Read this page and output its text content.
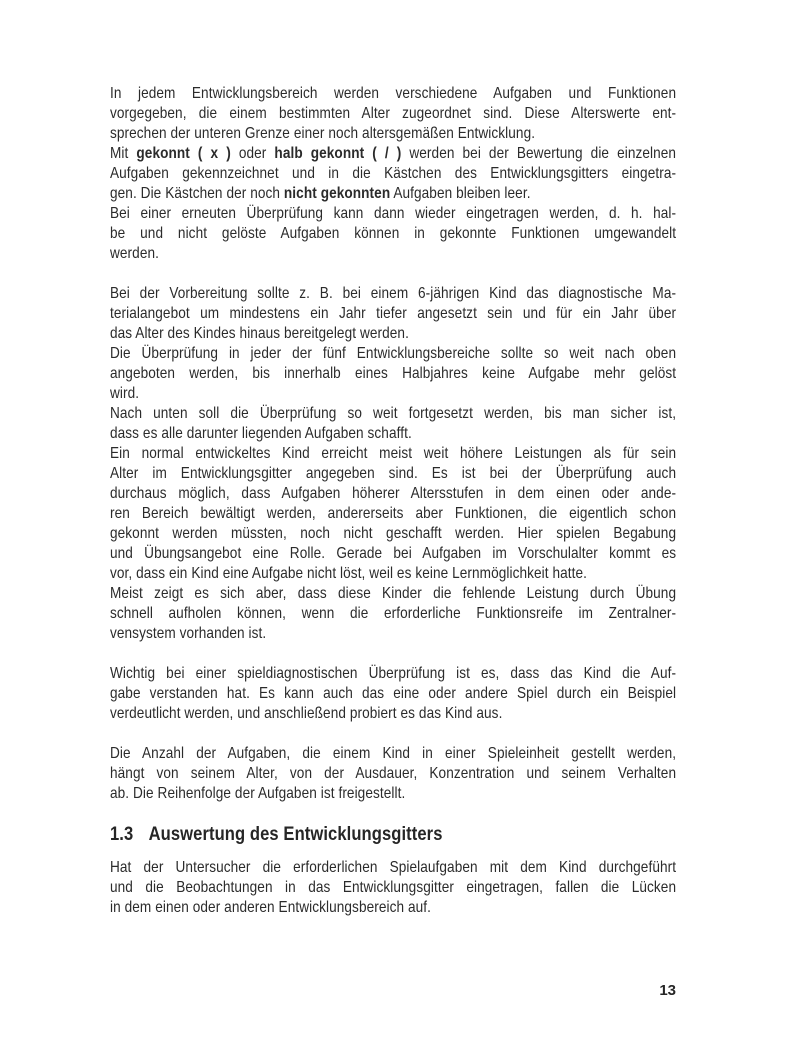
In jedem Entwicklungsbereich werden verschiedene Aufgaben und Funktionen
vorgegeben, die einem bestimmten Alter zugeordnet sind. Diese Alterswerte ent-
sprechen der unteren Grenze einer noch altersgemäßen Entwicklung.
Mit gekonnt ( x ) oder halb gekonnt ( / ) werden bei der Bewertung die einzelnen
Aufgaben gekennzeichnet und in die Kästchen des Entwicklungsgitters eingetra-
gen. Die Kästchen der noch nicht gekonnten Aufgaben bleiben leer.
Bei einer erneuten Überprüfung kann dann wieder eingetragen werden, d. h. hal-
be und nicht gelöste Aufgaben können in gekonnte Funktionen umgewandelt
werden.
Bei der Vorbereitung sollte z. B. bei einem 6-jährigen Kind das diagnostische Ma-
terialangebot um mindestens ein Jahr tiefer angesetzt sein und für ein Jahr über
das Alter des Kindes hinaus bereitgelegt werden.
Die Überprüfung in jeder der fünf Entwicklungsbereiche sollte so weit nach oben
angeboten werden, bis innerhalb eines Halbjahres keine Aufgabe mehr gelöst
wird.
Nach unten soll die Überprüfung so weit fortgesetzt werden, bis man sicher ist,
dass es alle darunter liegenden Aufgaben schafft.
Ein normal entwickeltes Kind erreicht meist weit höhere Leistungen als für sein
Alter im Entwicklungsgitter angegeben sind. Es ist bei der Überprüfung auch
durchaus möglich, dass Aufgaben höherer Altersstufen in dem einen oder ande-
ren Bereich bewältigt werden, andererseits aber Funktionen, die eigentlich schon
gekonnt werden müssten, noch nicht geschafft werden. Hier spielen Begabung
und Übungsangebot eine Rolle. Gerade bei Aufgaben im Vorschulalter kommt es
vor, dass ein Kind eine Aufgabe nicht löst, weil es keine Lernmöglichkeit hatte.
Meist zeigt es sich aber, dass diese Kinder die fehlende Leistung durch Übung
schnell aufholen können, wenn die erforderliche Funktionsreife im Zentralner-
vensystem vorhanden ist.
Wichtig bei einer spieldiagnostischen Überprüfung ist es, dass das Kind die Auf-
gabe verstanden hat. Es kann auch das eine oder andere Spiel durch ein Beispiel
verdeutlicht werden, und anschließend probiert es das Kind aus.
Die Anzahl der Aufgaben, die einem Kind in einer Spieleinheit gestellt werden,
hängt von seinem Alter, von der Ausdauer, Konzentration und seinem Verhalten
ab. Die Reihenfolge der Aufgaben ist freigestellt.
1.3 Auswertung des Entwicklungsgitters
Hat der Untersucher die erforderlichen Spielaufgaben mit dem Kind durchgeführt
und die Beobachtungen in das Entwicklungsgitter eingetragen, fallen die Lücken
in dem einen oder anderen Entwicklungsbereich auf.
13
